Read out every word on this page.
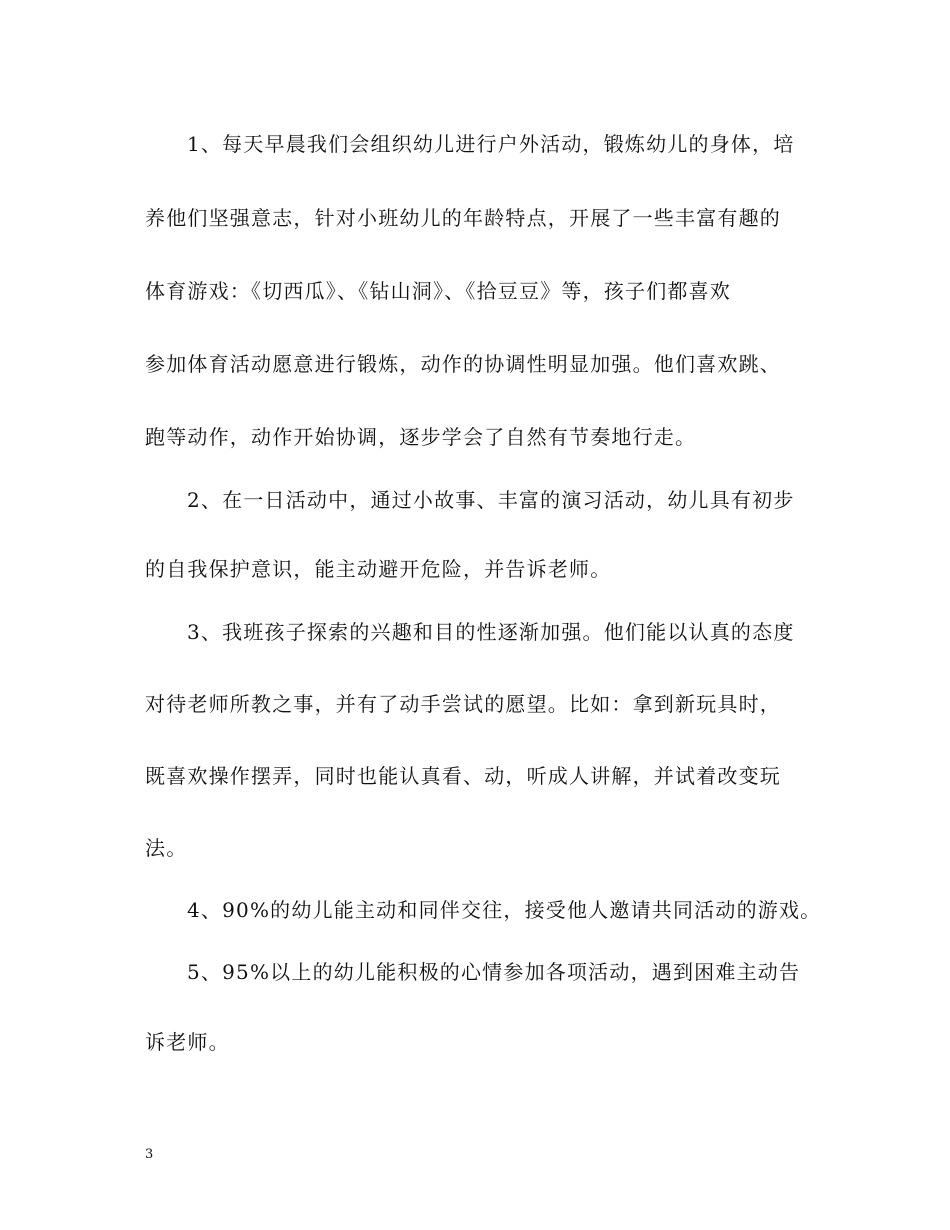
1、每天早晨我们会组织幼儿进行户外活动，锻炼幼儿的身体，培
养他们坚强意志，针对小班幼儿的年龄特点，开展了一些丰富有趣的
体育游戏：《切西瓜》、《钻山洞》、《拾豆豆》等，孩子们都喜欢
参加体育活动愿意进行锻炼，动作的协调性明显加强。他们喜欢跳、
跑等动作，动作开始协调，逐步学会了自然有节奏地行走。
2、在一日活动中，通过小故事、丰富的演习活动，幼儿具有初步
的自我保护意识，能主动避开危险，并告诉老师。
3、我班孩子探索的兴趣和目的性逐渐加强。他们能以认真的态度
对待老师所教之事，并有了动手尝试的愿望。比如：拿到新玩具时，
既喜欢操作摆弄，同时也能认真看、动，听成人讲解，并试着改变玩
法。
4、90%的幼儿能主动和同伴交往，接受他人邀请共同活动的游戏。
5、95%以上的幼儿能积极的心情参加各项活动，遇到困难主动告
诉老师。
3
